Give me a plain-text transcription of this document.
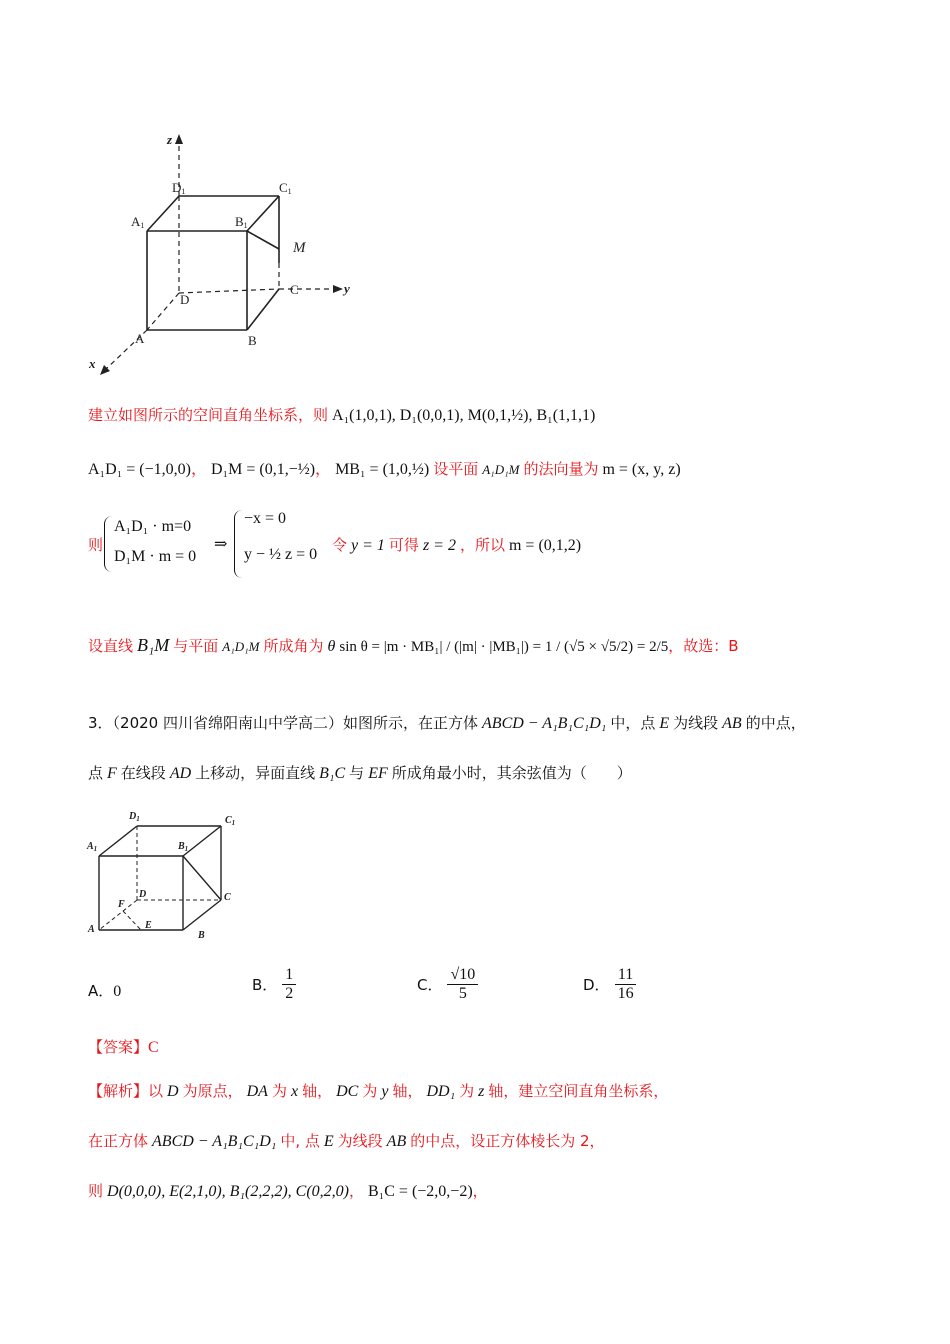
z
y
x
D1	C1
A1	B1
M
D
C
A	B
建立如图所示的空间直角坐标系，则 A₁(1,0,1), D₁(0,0,1), M(0,1,½), B₁(1,1,1)
A₁D₁ = (−1,0,0)， D₁M = (0,1,−½)， MB₁ = (1,0,½) 设平面 A₁D₁M 的法向量为 m = (x, y, z)
则
A₁D₁ · m=0
D₁M · m = 0
⇒
−x = 0
y − ½ z = 0
令 y = 1 可得 z = 2 ，所以 m = (0,1,2)
设直线 B₁M 与平面 A₁D₁M 所成角为 θ sin θ = |m · MB₁| / (|m| · |MB₁|) = 1 / (√5 × √5/2) = 2/5，故选：B
3．（2020 四川省绵阳南山中学高二）如图所示，在正方体 ABCD − A₁B₁C₁D₁ 中，点 E 为线段 AB 的中点，
点 F 在线段 AD 上移动，异面直线 B₁C 与 EF 所成角最小时，其余弦值为（　　）
$D_1$	$C_1$
$A_1$	$B_1$
D	C
F
A	E
B
A．0	B． $\frac{1}{2}$	C． $\frac{√10}{5}$	D． $\frac{11}{16}$
【答案】C
【解析】以 D 为原点， DA 为 x 轴， DC 为 y 轴， DD₁ 为 z 轴，建立空间直角坐标系，
在正方体 ABCD − A₁B₁C₁D₁ 中, 点 E 为线段 AB 的中点，设正方体棱长为 2，
则 D(0,0,0), E(2,1,0), B₁(2,2,2), C(0,2,0)， B₁C = (−2,0,−2)，
